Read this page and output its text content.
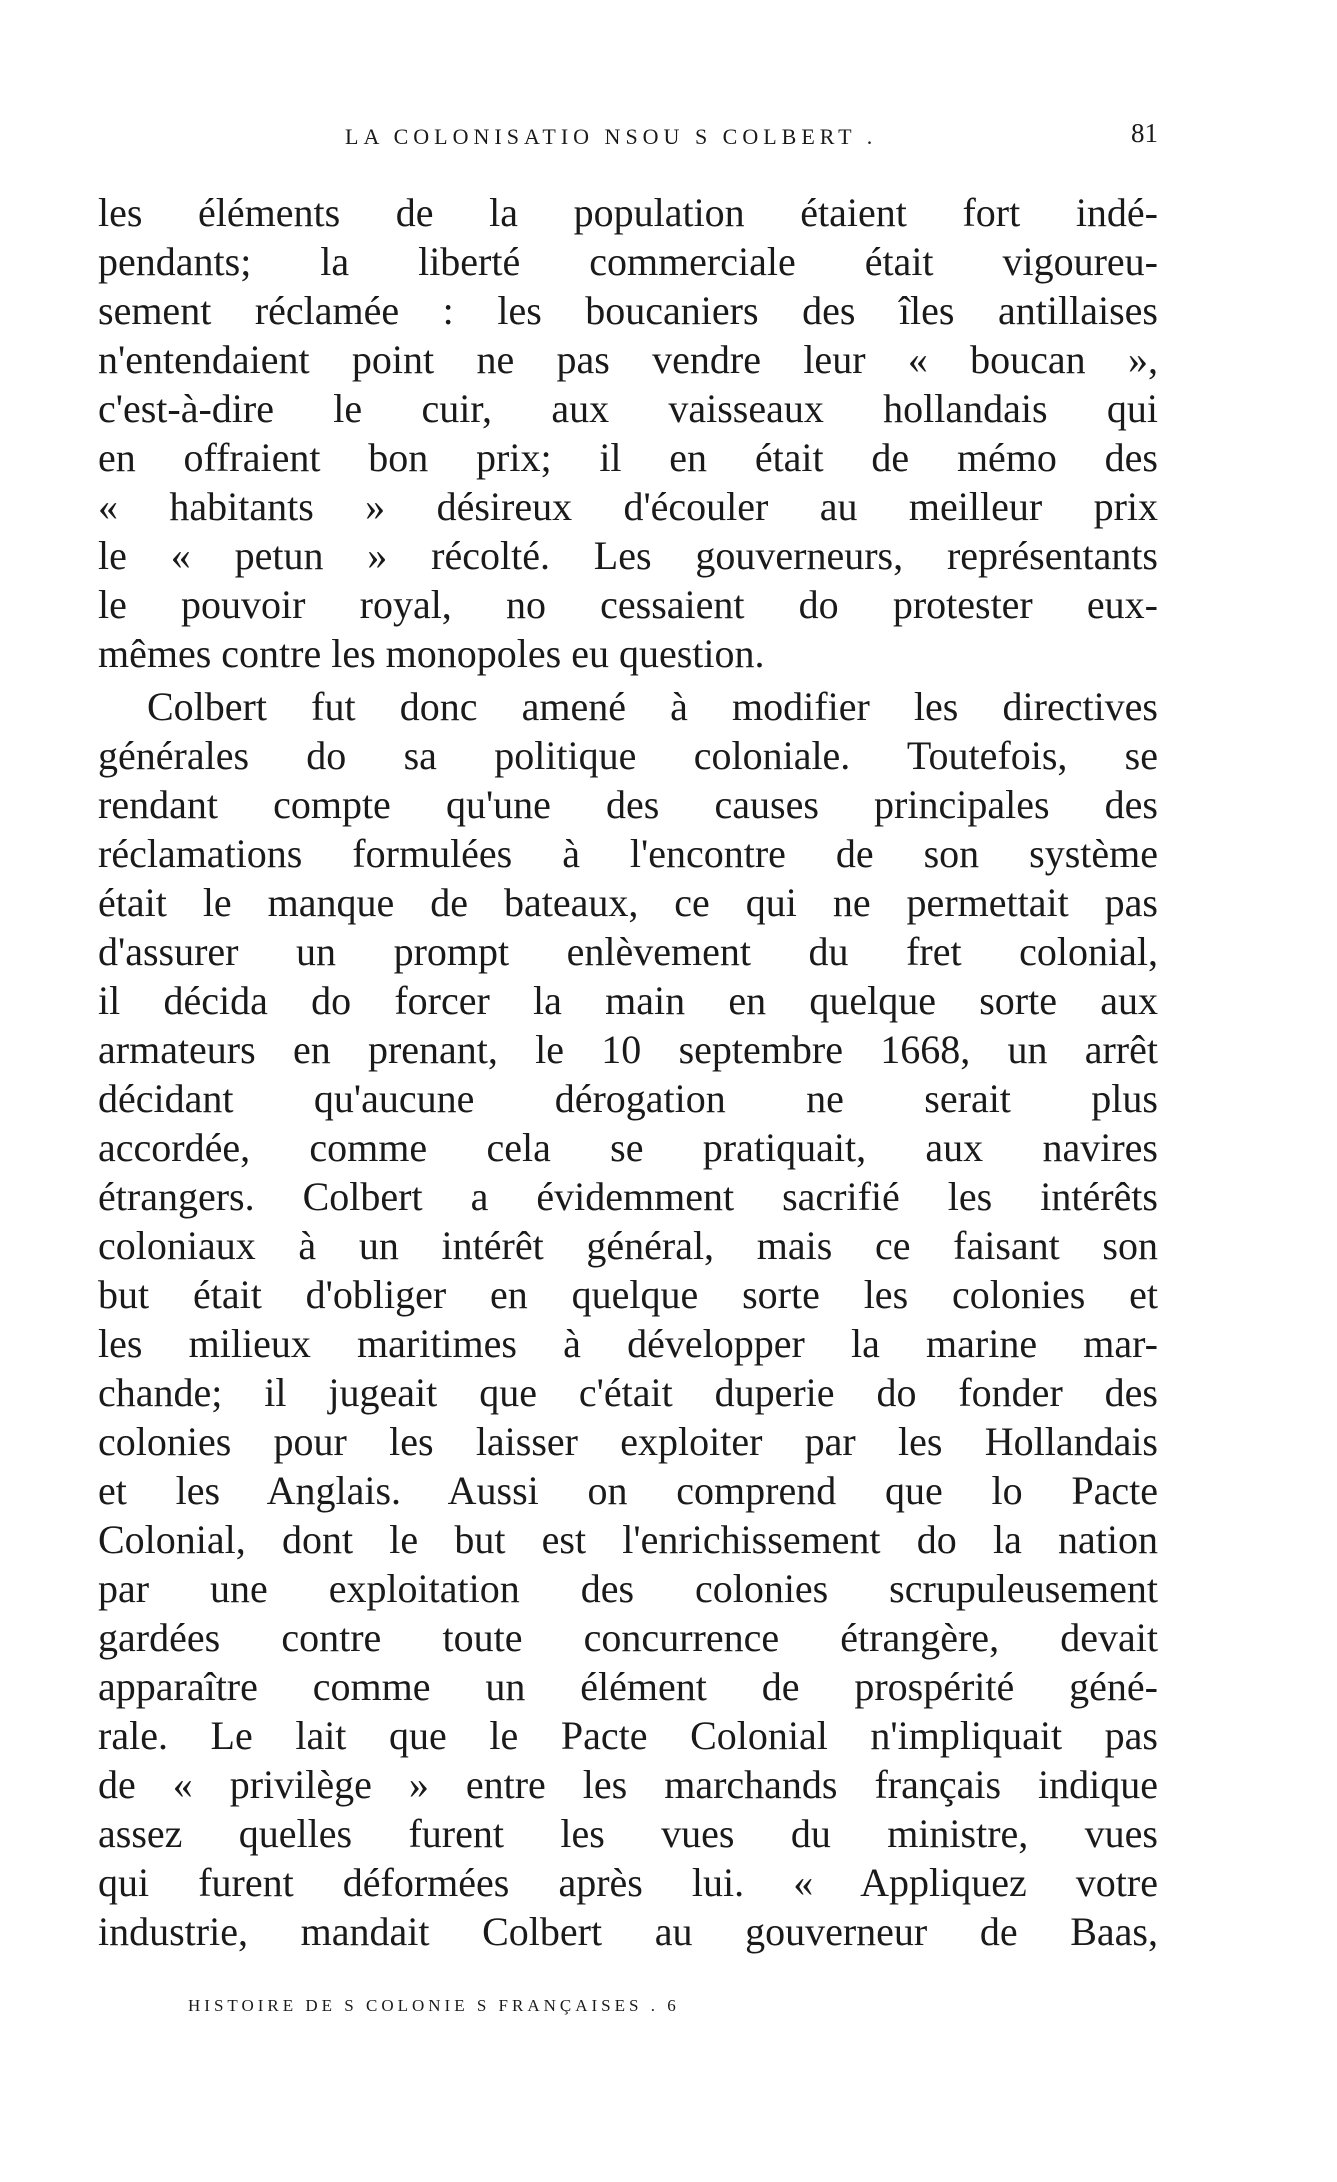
LA COLONISATIO NSOU S COLBERT .	81
les éléments de la population étaient fort indé-
pendants; la liberté commerciale était vigoureu-
sement réclamée : les boucaniers des îles antillaises
n'entendaient point ne pas vendre leur « boucan »,
c'est-à-dire le cuir, aux vaisseaux hollandais qui
en offraient bon prix; il en était de mémo des
« habitants » désireux d'écouler au meilleur prix
le « petun » récolté. Les gouverneurs, représentants
le pouvoir royal, no cessaient do protester eux-
mêmes contre les monopoles eu question.
Colbert fut donc amené à modifier les directives
générales do sa politique coloniale. Toutefois, se
rendant compte qu'une des causes principales des
réclamations formulées à l'encontre de son système
était le manque de bateaux, ce qui ne permettait pas
d'assurer un prompt enlèvement du fret colonial,
il décida do forcer la main en quelque sorte aux
armateurs en prenant, le 10 septembre 1668, un arrêt
décidant qu'aucune dérogation ne serait plus
accordée, comme cela se pratiquait, aux navires
étrangers. Colbert a évidemment sacrifié les intérêts
coloniaux à un intérêt général, mais ce faisant son
but était d'obliger en quelque sorte les colonies et
les milieux maritimes à développer la marine mar-
chande; il jugeait que c'était duperie do fonder des
colonies pour les laisser exploiter par les Hollandais
et les Anglais. Aussi on comprend que lo Pacte
Colonial, dont le but est l'enrichissement do la nation
par une exploitation des colonies scrupuleusement
gardées contre toute concurrence étrangère, devait
apparaître comme un élément de prospérité géné-
rale. Le lait que le Pacte Colonial n'impliquait pas
de « privilège » entre les marchands français indique
assez quelles furent les vues du ministre, vues
qui furent déformées après lui. « Appliquez votre
industrie, mandait Colbert au gouverneur de Baas,
HISTOIRE DE S COLONIE S FRANÇAISES . 6
